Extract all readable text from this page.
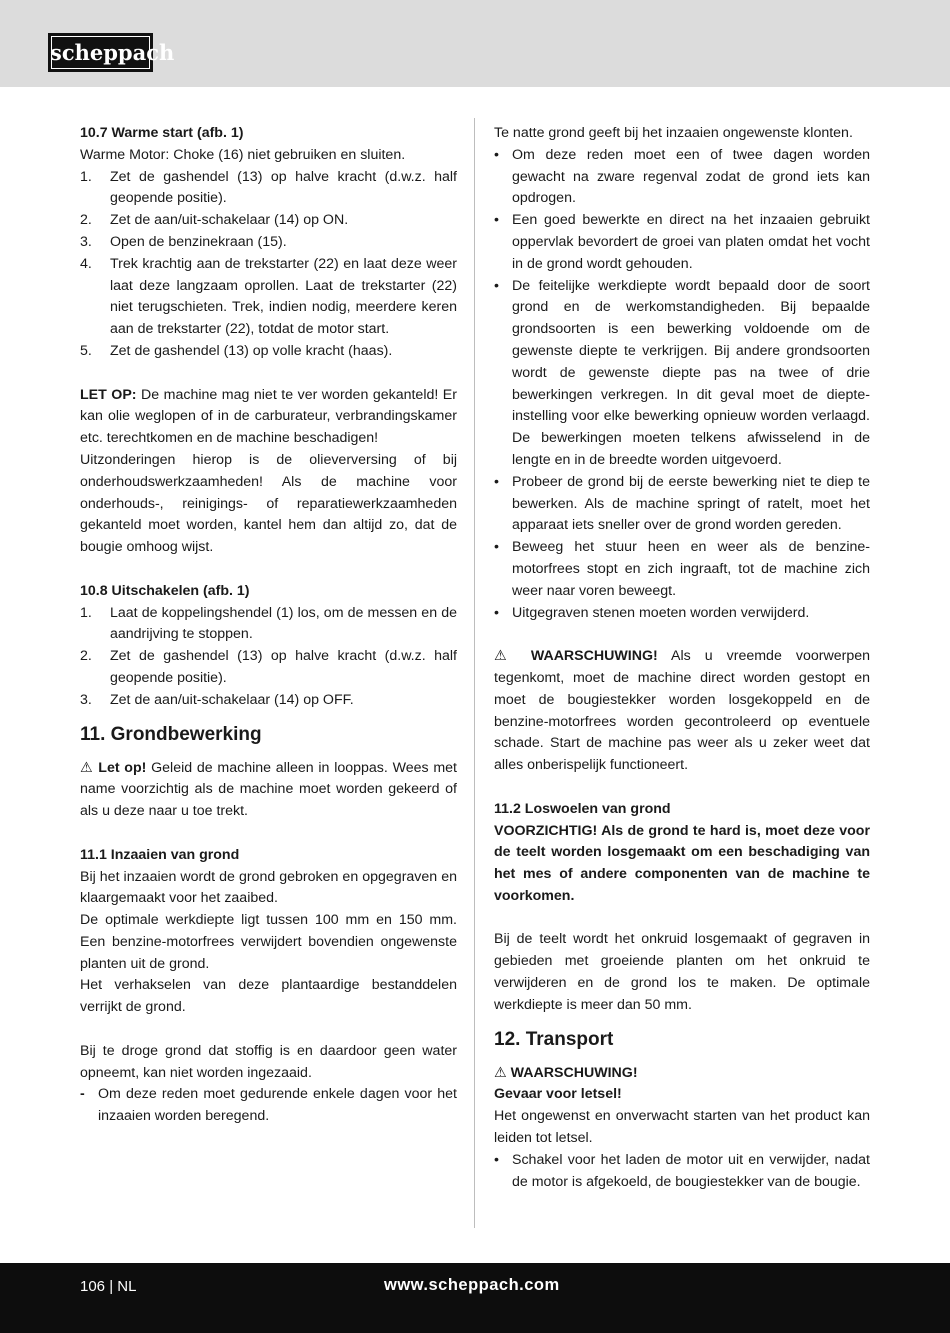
scheppach

10.7 Warme start (afb. 1)

Warme Motor: Choke (16) niet gebruiken en sluiten.

1. Zet de gashendel (13) op halve kracht (d.w.z. half geopende positie).
2. Zet de aan/uit-schakelaar (14) op ON.
3. Open de benzinekraan (15).
4. Trek krachtig aan de trekstarter (22) en laat deze weer laat deze langzaam oprollen. Laat de trekstarter (22) niet terugschieten. Trek, indien nodig, meerdere keren aan de trekstarter (22), totdat de motor start.
5. Zet de gashendel (13) op volle kracht (haas).

LET OP: De machine mag niet te ver worden gekanteld! Er kan olie weglopen of in de carburateur, verbrandingskamer etc. terechtkomen en de machine beschadigen!

Uitzonderingen hierop is de olieverversing of bij onderhoudswerkzaamheden! Als de machine voor onderhouds-, reinigings- of reparatiewerkzaamheden gekanteld moet worden, kantel hem dan altijd zo, dat de bougie omhoog wijst.

10.8 Uitschakelen (afb. 1)

1. Laat de koppelingshendel (1) los, om de messen en de aandrijving te stoppen.
2. Zet de gashendel (13) op halve kracht (d.w.z. half geopende positie).
3. Zet de aan/uit-schakelaar (14) op OFF.

11. Grondbewerking

⚠ Let op! Geleid de machine alleen in looppas. Wees met name voorzichtig als de machine moet worden gekeerd of als u deze naar u toe trekt.

11.1 Inzaaien van grond

Bij het inzaaien wordt de grond gebroken en opgegraven en klaargemaakt voor het zaaibed.

De optimale werkdiepte ligt tussen 100 mm en 150 mm. Een benzine-motorfrees verwijdert bovendien ongewenste planten uit de grond.

Het verhakselen van deze plantaardige bestanddelen verrijkt de grond.

Bij te droge grond dat stoffig is en daardoor geen water opneemt, kan niet worden ingezaaid.

- Om deze reden moet gedurende enkele dagen voor het inzaaien worden beregend.

Te natte grond geeft bij het inzaaien ongewenste klonten.

• Om deze reden moet een of twee dagen worden gewacht na zware regenval zodat de grond iets kan opdrogen.
• Een goed bewerkte en direct na het inzaaien gebruikt oppervlak bevordert de groei van platen omdat het vocht in de grond wordt gehouden.
• De feitelijke werkdiepte wordt bepaald door de soort grond en de werkomstandigheden. Bij bepaalde grondsoorten is een bewerking voldoende om de gewenste diepte te verkrijgen. Bij andere grondsoorten wordt de gewenste diepte pas na twee of drie bewerkingen verkregen. In dit geval moet de diepte-instelling voor elke bewerking opnieuw worden verlaagd. De bewerkingen moeten telkens afwisselend in de lengte en in de breedte worden uitgevoerd.
• Probeer de grond bij de eerste bewerking niet te diep te bewerken. Als de machine springt of ratelt, moet het apparaat iets sneller over de grond worden gereden.
• Beweeg het stuur heen en weer als de benzine-motorfrees stopt en zich ingraaft, tot de machine zich weer naar voren beweegt.
• Uitgegraven stenen moeten worden verwijderd.

⚠ WAARSCHUWING! Als u vreemde voorwerpen tegenkomt, moet de machine direct worden gestopt en moet de bougiestekker worden losgekoppeld en de benzine-motorfrees worden gecontroleerd op eventuele schade. Start de machine pas weer als u zeker weet dat alles onberispelijk functioneert.

11.2 Loswoelen van grond

VOORZICHTIG! Als de grond te hard is, moet deze voor de teelt worden losgemaakt om een beschadiging van het mes of andere componenten van de machine te voorkomen.

Bij de teelt wordt het onkruid losgemaakt of gegraven in gebieden met groeiende planten om het onkruid te verwijderen en de grond los te maken. De optimale werkdiepte is meer dan 50 mm.

12. Transport

⚠ WAARSCHUWING!

Gevaar voor letsel!

Het ongewenst en onverwacht starten van het product kan leiden tot letsel.

• Schakel voor het laden de motor uit en verwijder, nadat de motor is afgekoeld, de bougiestekker van de bougie.
106 | NL	www.scheppach.com
